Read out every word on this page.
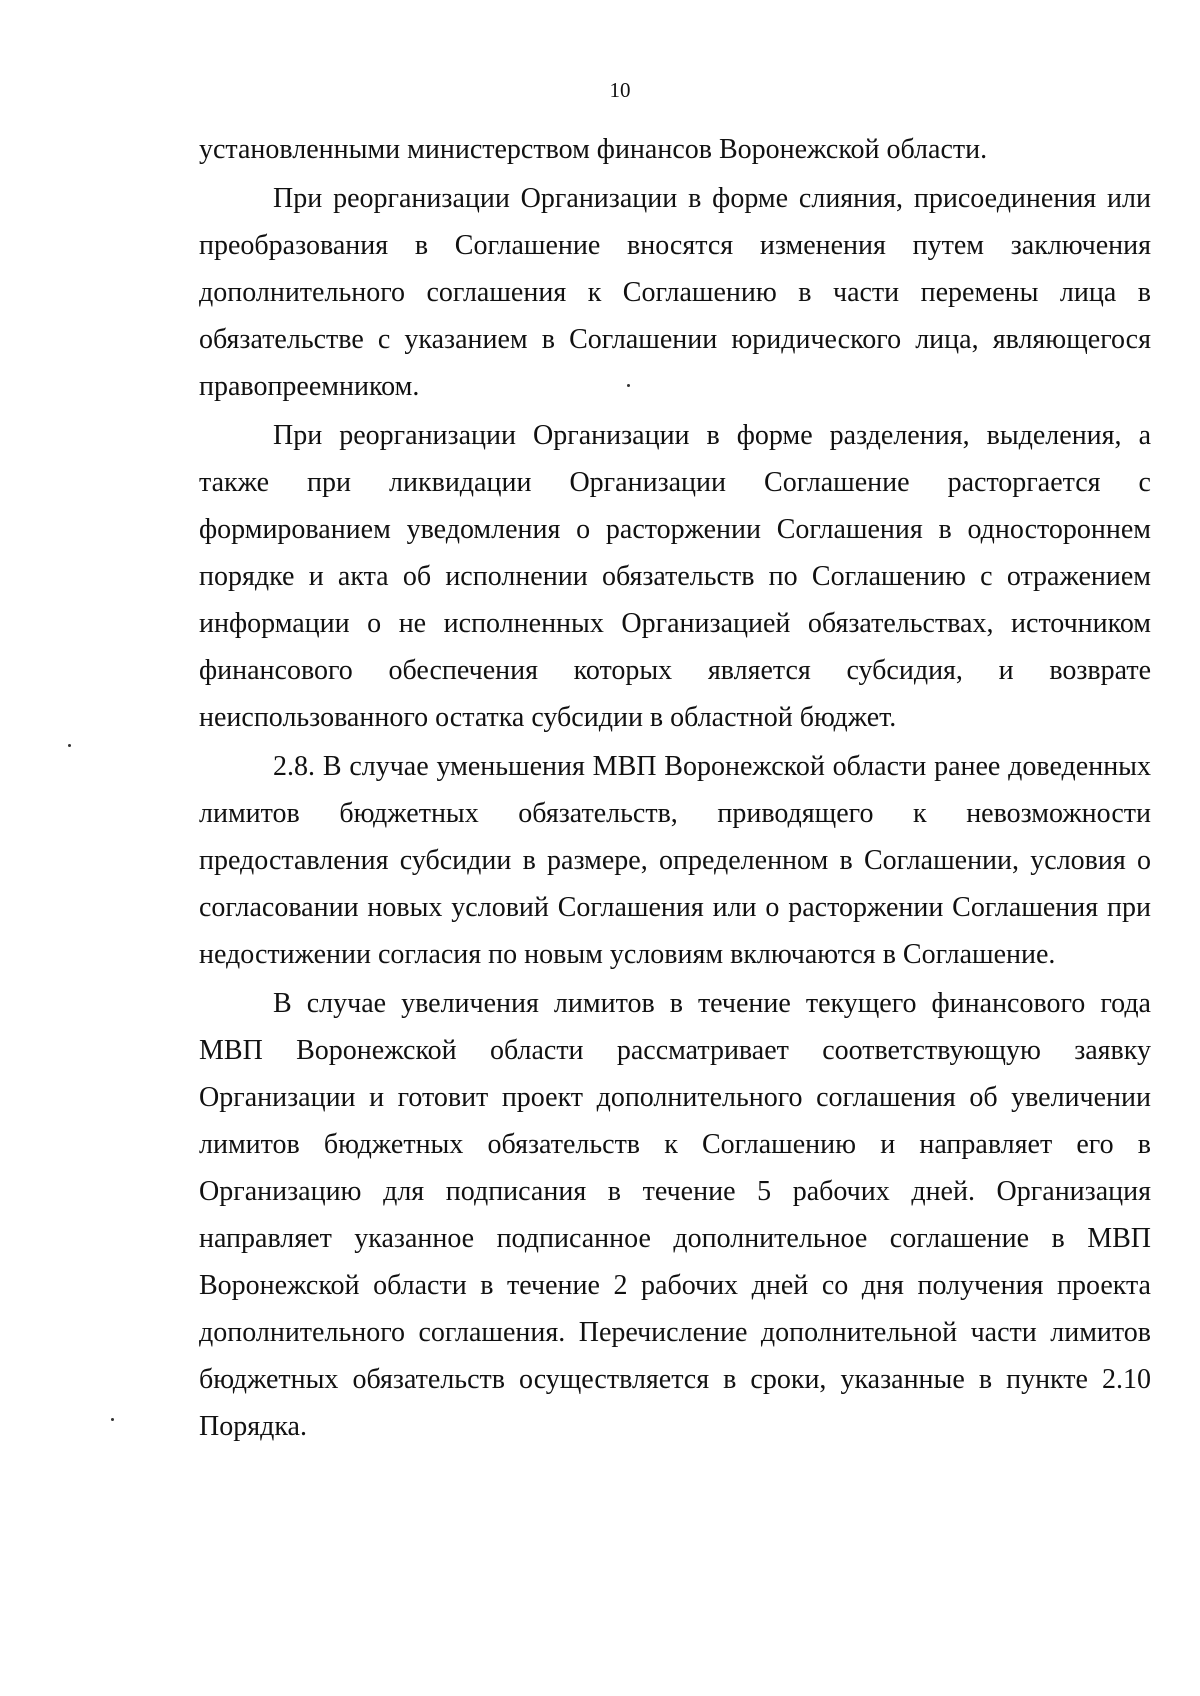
10

установленными министерством финансов Воронежской области.

При реорганизации Организации в форме слияния, присоединения или преобразования в Соглашение вносятся изменения путем заключения дополнительного соглашения к Соглашению в части перемены лица в обязательстве с указанием в Соглашении юридического лица, являющегося правопреемником.

При реорганизации Организации в форме разделения, выделения, а также при ликвидации Организации Соглашение расторгается с формированием уведомления о расторжении Соглашения в одностороннем порядке и акта об исполнении обязательств по Соглашению с отражением информации о не исполненных Организацией обязательствах, источником финансового обеспечения которых является субсидия, и возврате неиспользованного остатка субсидии в областной бюджет.

2.8. В случае уменьшения МВП Воронежской области ранее доведенных лимитов бюджетных обязательств, приводящего к невозможности предоставления субсидии в размере, определенном в Соглашении, условия о согласовании новых условий Соглашения или о расторжении Соглашения при недостижении согласия по новым условиям включаются в Соглашение.

В случае увеличения лимитов в течение текущего финансового года МВП Воронежской области рассматривает соответствующую заявку Организации и готовит проект дополнительного соглашения об увеличении лимитов бюджетных обязательств к Соглашению и направляет его в Организацию для подписания в течение 5 рабочих дней. Организация направляет указанное подписанное дополнительное соглашение в МВП Воронежской области в течение 2 рабочих дней со дня получения проекта дополнительного соглашения. Перечисление дополнительной части лимитов бюджетных обязательств осуществляется в сроки, указанные в пункте 2.10 Порядка.
